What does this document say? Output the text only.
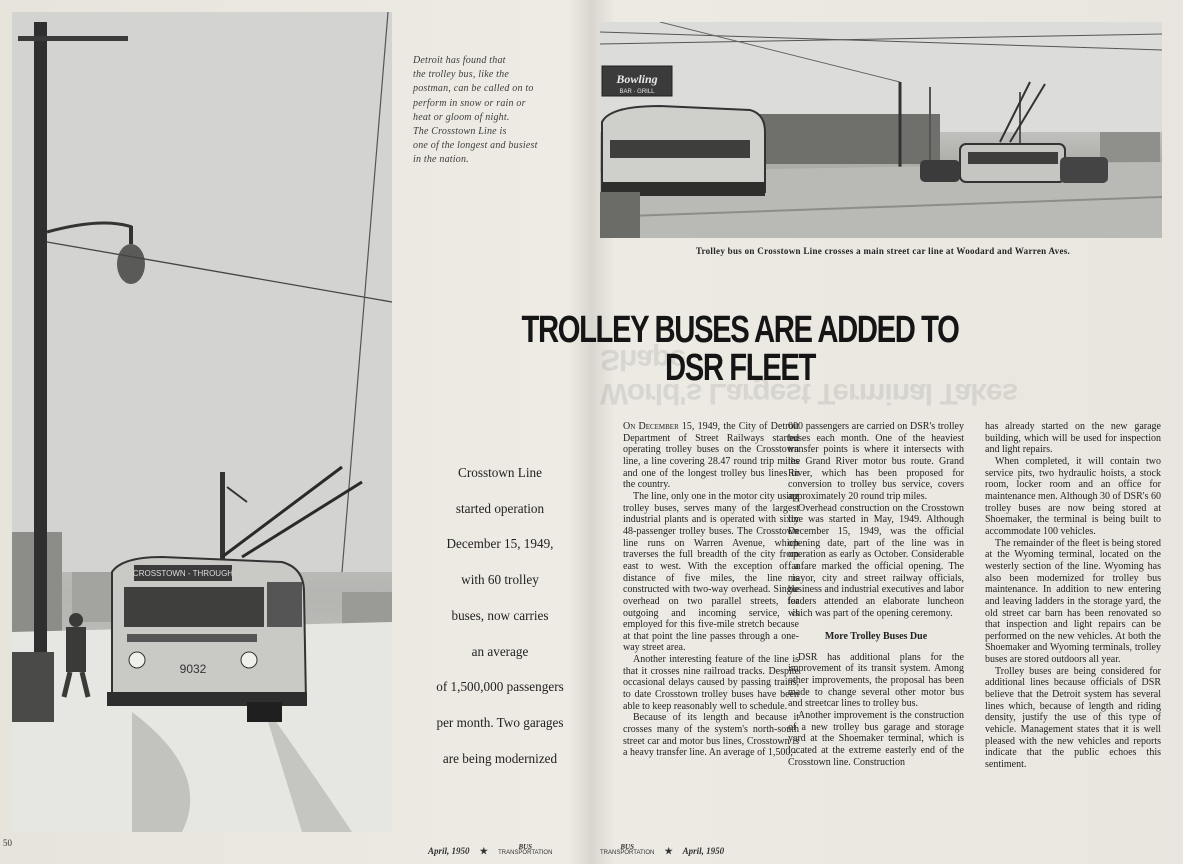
CROSSTOWN - THROUGH
9032
Detroit has found that
the trolley bus, like the
postman, can be called on to
perform in snow or rain or
heat or gloom of night.
The Crosstown Line is
one of the longest and busiest
in the nation.
Bowling
BAR · GRILL
Trolley bus on Crosstown Line crosses a main street car line at Woodard and Warren Aves.
World's Largest Terminal Takes Shape
TROLLEY BUSES ARE ADDED TO DSR FLEET
Crosstown Line
started operation
December 15, 1949,
with 60 trolley
buses, now carries
an average
of 1,500,000 passengers
per month. Two garages
are being modernized

On December 15, 1949, the City of Detroit Department of Street Railways started operating trolley buses on the Crosstown line, a line covering 28.47 round trip miles and one of the longest trolley bus lines in the country.

The line, only one in the motor city using trolley buses, serves many of the largest industrial plants and is operated with sixty 48-passenger trolley buses. The Crosstown line runs on Warren Avenue, which traverses the full breadth of the city from east to west. With the exception of a distance of five miles, the line is constructed with two-way overhead. Single overhead on two parallel streets, for outgoing and incoming service, is employed for this five-mile stretch because at that point the line passes through a one-way street area.

Another interesting feature of the line is that it crosses nine railroad tracks. Despite occasional delays caused by passing trains, to date Crosstown trolley buses have been able to keep reasonably well to schedule.

Because of its length and because it crosses many of the system's north-south street car and motor bus lines, Crosstown is a heavy transfer line. An average of 1,500,-

000 passengers are carried on DSR's trolley buses each month. One of the heaviest transfer points is where it intersects with the Grand River motor bus route. Grand River, which has been proposed for conversion to trolley bus service, covers approximately 20 round trip miles.

Overhead construction on the Crosstown line was started in May, 1949. Although December 15, 1949, was the official opening date, part of the line was in operation as early as October. Considerable fanfare marked the official opening. The mayor, city and street railway officials, business and industrial executives and labor leaders attended an elaborate luncheon which was part of the opening ceremony.

More Trolley Buses Due

DSR has additional plans for the improvement of its transit system. Among other improvements, the proposal has been made to change several other motor bus and streetcar lines to trolley bus.

Another improvement is the construction of a new trolley bus garage and storage yard at the Shoemaker terminal, which is located at the extreme easterly end of the Crosstown line. Construction

has already started on the new garage building, which will be used for inspection and light repairs.

When completed, it will contain two service pits, two hydraulic hoists, a stock room, locker room and an office for maintenance men. Although 30 of DSR's 60 trolley buses are now being stored at Shoemaker, the terminal is being built to accommodate 100 vehicles.

The remainder of the fleet is being stored at the Wyoming terminal, located on the westerly section of the line. Wyoming has also been modernized for trolley bus maintenance. In addition to new entering and leaving ladders in the storage yard, the old street car barn has been renovated so that inspection and light repairs can be performed on the new vehicles. At both the Shoemaker and Wyoming terminals, trolley buses are stored outdoors all year.

Trolley buses are being considered for additional lines because officials of DSR believe that the Detroit system has several lines which, because of length and riding density, justify the use of this type of vehicle. Management states that it is well pleased with the new vehicles and reports indicate that the public echoes this sentiment.

50
April, 1950 ★	BUS
TRANSPORTATION
BUS
TRANSPORTATION ★ April, 1950
